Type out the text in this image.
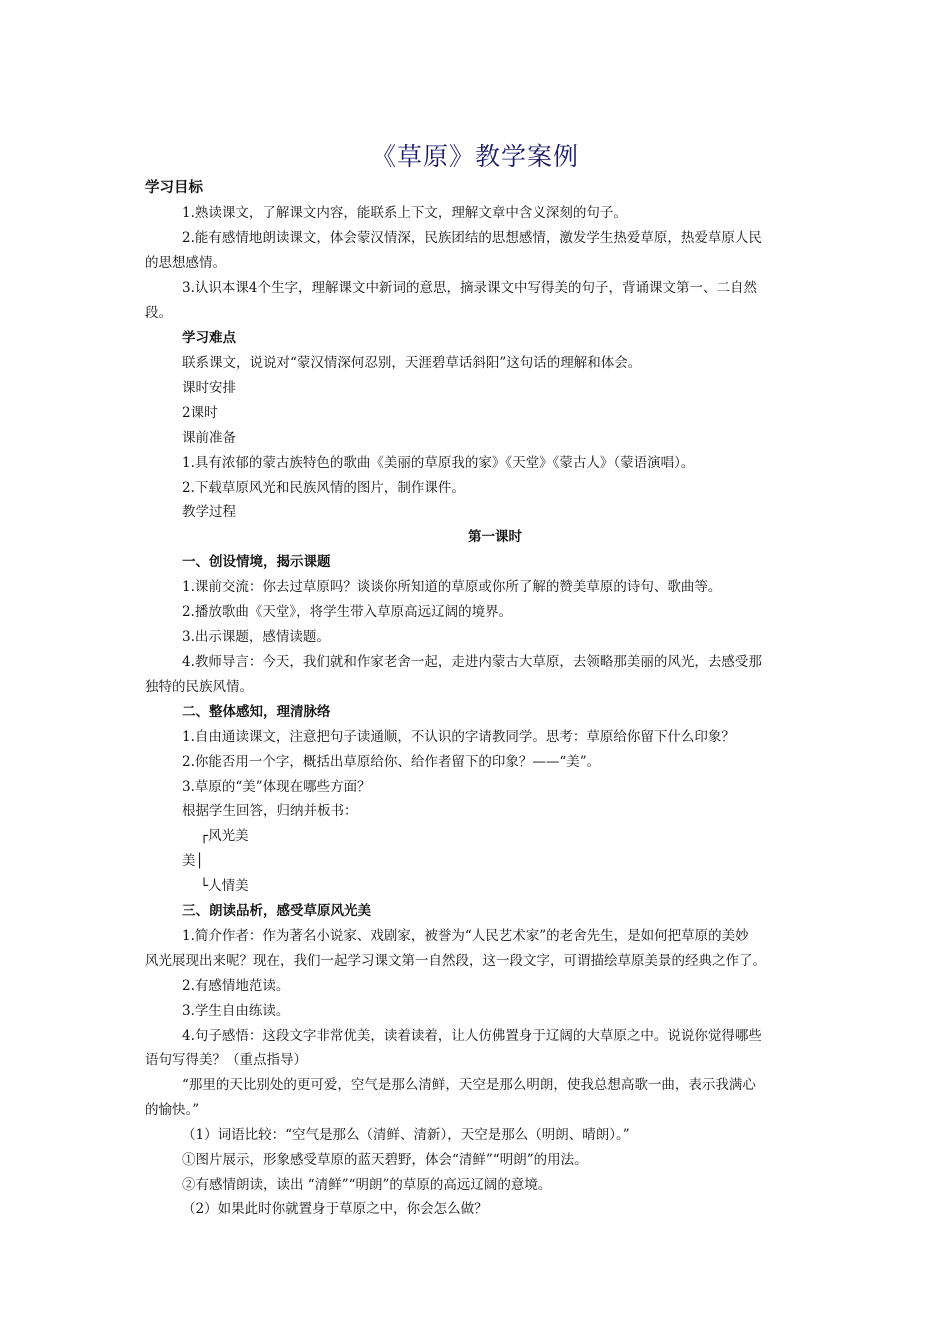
《草原》教学案例
学习目标
1.熟读课文，了解课文内容，能联系上下文，理解文章中含义深刻的句子。
2.能有感情地朗读课文，体会蒙汉情深，民族团结的思想感情，激发学生热爱草原，热爱草原人民
的思想感情。
3.认识本课4个生字，理解课文中新词的意思，摘录课文中写得美的句子，背诵课文第一、二自然
段。
学习难点
联系课文，说说对“蒙汉情深何忍别，天涯碧草话斜阳”这句话的理解和体会。
课时安排
2课时
课前准备
1.具有浓郁的蒙古族特色的歌曲《美丽的草原我的家》《天堂》《蒙古人》（蒙语演唱）。
2.下载草原风光和民族风情的图片，制作课件。
教学过程
第一课时
一、创设情境，揭示课题
1.课前交流：你去过草原吗？谈谈你所知道的草原或你所了解的赞美草原的诗句、歌曲等。
2.播放歌曲《天堂》，将学生带入草原高远辽阔的境界。
3.出示课题，感情读题。
4.教师导言：今天，我们就和作家老舍一起，走进内蒙古大草原，去领略那美丽的风光，去感受那
独特的民族风情。
二、整体感知，理清脉络
1.自由通读课文，注意把句子读通顺，不认识的字请教同学。思考：草原给你留下什么印象？
2.你能否用一个字，概括出草原给你、给作者留下的印象？——“美”。
3.草原的“美”体现在哪些方面？
根据学生回答，归纳并板书：
┌风光美
美│
└人情美
三、朗读品析，感受草原风光美
1.简介作者：作为著名小说家、戏剧家，被誉为“人民艺术家”的老舍先生，是如何把草原的美妙
风光展现出来呢？现在，我们一起学习课文第一自然段，这一段文字，可谓描绘草原美景的经典之作了。
2.有感情地范读。
3.学生自由练读。
4.句子感悟：这段文字非常优美，读着读着，让人仿佛置身于辽阔的大草原之中。说说你觉得哪些
语句写得美？（重点指导）
“那里的天比别处的更可爱，空气是那么清鲜，天空是那么明朗，使我总想高歌一曲，表示我满心
的愉快。”
（1）词语比较：“空气是那么（清鲜、清新），天空是那么（明朗、晴朗）。”
①图片展示，形象感受草原的蓝天碧野，体会“清鲜”“明朗”的用法。
②有感情朗读，读出 “清鲜”“明朗”的草原的高远辽阔的意境。
（2）如果此时你就置身于草原之中，你会怎么做？
